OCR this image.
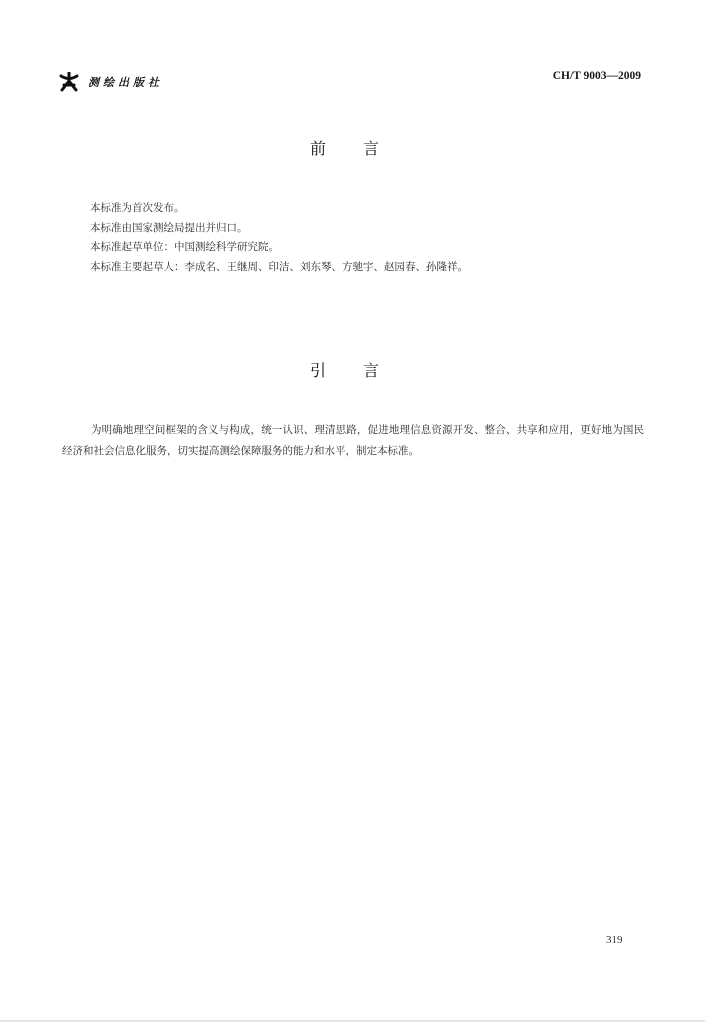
测绘出版社	CH/T 9003—2009
前 言
本标准为首次发布。
本标准由国家测绘局提出并归口。
本标准起草单位：中国测绘科学研究院。
本标准主要起草人：李成名、王继周、印洁、刘东琴、方驰宇、赵园春、孙隆祥。
引 言
为明确地理空间框架的含义与构成，统一认识、理清思路，促进地理信息资源开发、整合、共享和应用，更好地为国民经济和社会信息化服务，切实提高测绘保障服务的能力和水平，制定本标准。
319
